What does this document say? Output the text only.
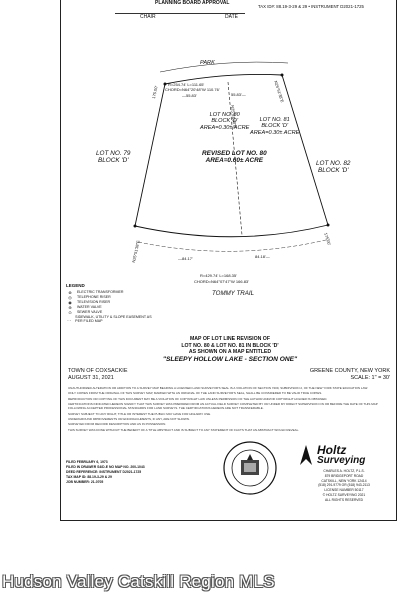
PLANNING BOARD APPROVAL
CHAIR	DATE
TAX ID#: 88.19-3-29 & 29 • INSTRUMENT D2021-1725
PARK
R=254.74' L=111.65'
CHORD=N64°20'48"W 110.76'
—55.83'	55.83'—
175.00'	N25°51'38"E
N25°51'38"E
LOT NO. 80
BLOCK 'D'
AREA=0.30± ACRE
LOT NO. 81
BLOCK 'D'
AREA=0.30± ACRE
REVISED LOT NO. 80
AREA=0.60± ACRE
LOT NO. 79
BLOCK 'D'	LOT NO. 82
BLOCK 'D'
N25°51'38"E
175.00'
—84.17'	84.18'—
R=429.74' L=168.35'
CHORD=N64°07'47"W 166.83'
TOMMY TRAIL
LEGEND
⊗	ELECTRIC TRANSFORMER
◎	TELEPHONE RISER
◉	TELEVISION RISER
⊕	WATER VALVE
⊙	SEWER VALVE
- -	SIDEWALK, UTILITY & SLOPE EASEMENT AS PER FILED MAP
MAP OF LOT LINE REVISION OF
LOT NO. 80 & LOT NO. 81 IN BLOCK 'D'
AS SHOWN ON A MAP ENTITLED
"SLEEPY HOLLOW LAKE - SECTION ONE"
TOWN OF COXSACKIE
AUGUST 31, 2021
GREENE COUNTY, NEW YORK
SCALE: 1" = 30'

UNAUTHORIZED ALTERATION OR ADDITION TO A SURVEY MAP BEARING A LICENSED LAND SURVEYOR'S SEAL IS A VIOLATION OF SECTION 7209, SUBDIVISION 2, OF THE NEW YORK STATE EDUCATION LAW.

ONLY COPIES FROM THE ORIGINAL OF THIS SURVEY MAP, MARKED WITH AN ORIGINAL OF THE LAND SURVEYOR'S SEAL, SHALL BE CONSIDERED TO BE VALID TRUE COPIES.

REPRODUCTION OR COPYING OF THIS DOCUMENT MAY BE A VIOLATION OF COPYRIGHT LAW UNLESS PERMISSION OF THE AUTHOR AND/OR COPYRIGHT HOLDER IS OBTAINED.

CERTIFICATIONS INDICATED HEREON SIGNIFY THAT THIS SURVEY WAS PREPARED FROM AN ACTUAL FIELD SURVEY COMPLETED BY OR UNDER MY DIRECT SUPERVISION ON OR BEFORE THE DATE OF THIS MAP FOLLOWING ACCEPTED PROFESSIONAL STANDARDS FOR LAND SURVEYS. THE CERTIFICATIONS HEREON ARE NOT TRANSFERABLE.

SURVEY SUBJECT TO ANY RIGHT, TITLE OR INTEREST THE PUBLIC MAY HAVE FOR HIGHWAY USE.

UNDERGROUND IMPROVEMENTS OR ENCROACHMENTS, IF ANY, ARE NOT SHOWN.

SURVEYED FROM RECORD DESCRIPTION AND AS IN POSSESSION.

THIS SURVEY WAS DONE WITHOUT THE BENEFIT OF A TITLE ABSTRACT AND IS SUBJECT TO ANY STATEMENT OF FACTS THAT AN ABSTRACT WOULD REVEAL.

FILED FEBRUARY 6, 1973
FILED IN DRAWER S4/D-E NO MAP NO. 200-1043
DEED REFERENCE: INSTRUMENT D2021-1725
TAX MAP ID: 88.19-3-29 & 29
JOB NUMBER: 21-0705
Holtz
Surveying
CHARLES A. HOLTZ, P.L.S.
879 BRIDGEPORT ROAD
CATSKILL, NEW YORK 12414
(518) 291-9779 OR (518) 943-2113
LICENSE NUMBER 50117
© HOLTZ SURVEYING 2021
ALL RIGHTS RESERVED
Hudson Valley Catskill Region MLS
